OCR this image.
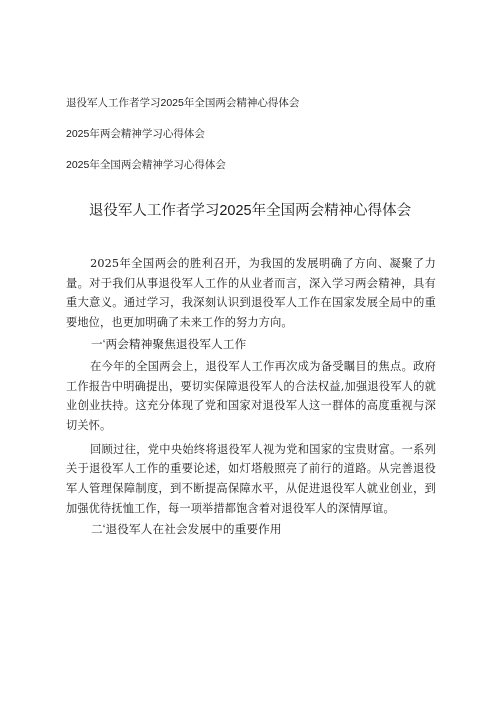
退役军人工作者学习2025年全国两会精神心得体会
2025年两会精神学习心得体会
2025年全国两会精神学习心得体会
退役军人工作者学习2025年全国两会精神心得体会

2025年全国两会的胜利召开，为我国的发展明确了方向、凝聚了力量。对于我们从事退役军人工作的从业者而言，深入学习两会精神，具有重大意义。通过学习，我深刻认识到退役军人工作在国家发展全局中的重要地位，也更加明确了未来工作的努力方向。

一‘两会精神聚焦退役军人工作

在今年的全国两会上，退役军人工作再次成为备受瞩目的焦点。政府工作报告中明确提出，要切实保障退役军人的合法权益,加强退役军人的就业创业扶持。这充分体现了党和国家对退役军人这一群体的高度重视与深切关怀。

回顾过往，党中央始终将退役军人视为党和国家的宝贵财富。一系列关于退役军人工作的重要论述，如灯塔般照亮了前行的道路。从完善退役军人管理保障制度，到不断提高保障水平，从促进退役军人就业创业，到加强优待抚恤工作，每一项举措都饱含着对退役军人的深情厚谊。

二‘退役军人在社会发展中的重要作用
